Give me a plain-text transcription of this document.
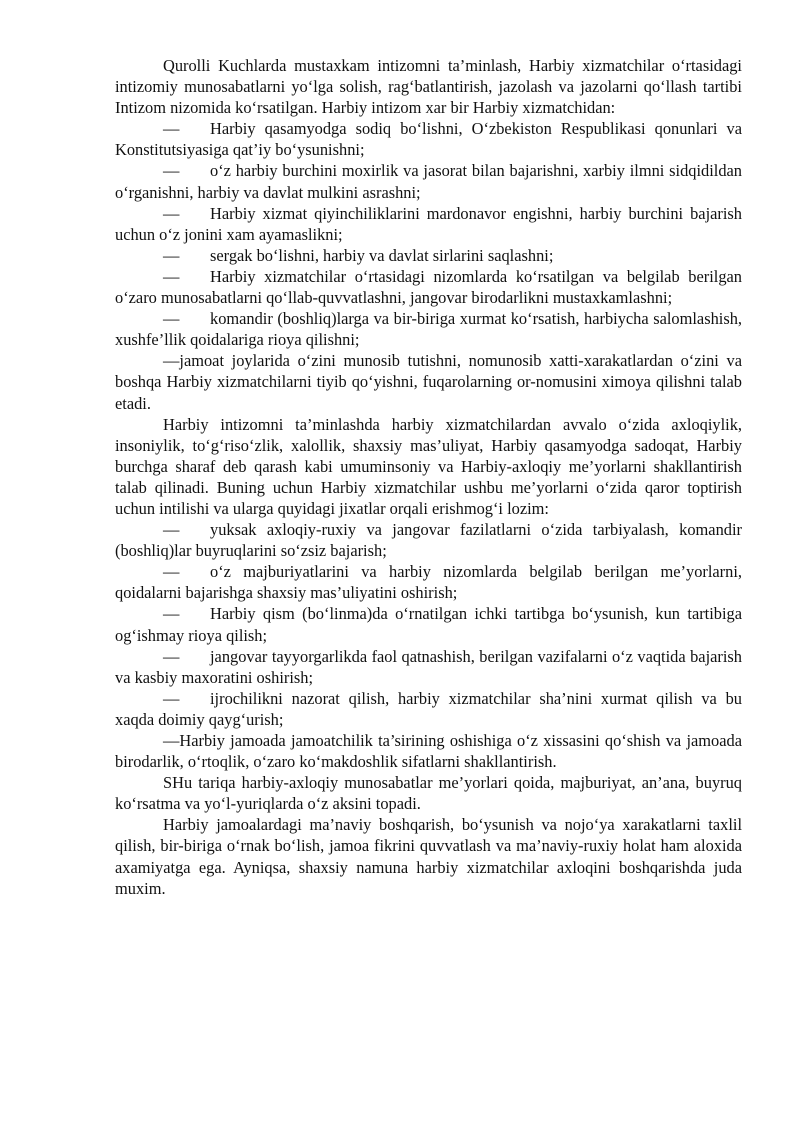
Qurolli Kuchlarda mustaxkam intizomni ta’minlash, Harbiy xizmatchilar o‘rtasidagi intizomiy munosabatlarni yo‘lga solish, rag‘batlantirish, jazolash va jazolarni qo‘llash tartibi Intizom nizomida ko‘rsatilgan. Harbiy intizom xar bir Harbiy xizmatchidan:

— Harbiy qasamyodga sodiq bo‘lishni, O‘zbekiston Respublikasi qonunlari va Konstitutsiyasiga qat’iy bo‘ysunishni;

— o‘z harbiy burchini moxirlik va jasorat bilan bajarishni, xarbiy ilmni sidqidildan o‘rganishni, harbiy va davlat mulkini asrashni;

— Harbiy xizmat qiyinchiliklarini mardonavor engishni, harbiy burchini bajarish uchun o‘z jonini xam ayamaslikni;

— sergak bo‘lishni, harbiy va davlat sirlarini saqlashni;

— Harbiy xizmatchilar o‘rtasidagi nizomlarda ko‘rsatilgan va belgilab berilgan o‘zaro munosabatlarni qo‘llab-quvvatlashni, jangovar birodarlikni mustaxkamlashni;

— komandir (boshliq)larga va bir-biriga xurmat ko‘rsatish, harbiycha salomlashish, xushfe’llik qoidalariga rioya qilishni;

—jamoat joylarida o‘zini munosib tutishni, nomunosib xatti-xarakatlardan o‘zini va boshqa Harbiy xizmatchilarni tiyib qo‘yishni, fuqarolarning or-nomusini ximoya qilishni talab etadi.

Harbiy intizomni ta’minlashda harbiy xizmatchilardan avvalo o‘zida axloqiylik, insoniylik, to‘g‘riso‘zlik, xalollik, shaxsiy mas’uliyat, Harbiy qasamyodga sadoqat, Harbiy burchga sharaf deb qarash kabi umuminsoniy va Harbiy-axloqiy me’yorlarni shakllantirish talab qilinadi. Buning uchun Harbiy xizmatchilar ushbu me’yorlarni o‘zida qaror toptirish uchun intilishi va ularga quyidagi jixatlar orqali erishmog‘i lozim:

— yuksak axloqiy-ruxiy va jangovar fazilatlarni o‘zida tarbiyalash, komandir (boshliq)lar buyruqlarini so‘zsiz bajarish;

— o‘z majburiyatlarini va harbiy nizomlarda belgilab berilgan me’yorlarni, qoidalarni bajarishga shaxsiy mas’uliyatini oshirish;

— Harbiy qism (bo‘linma)da o‘rnatilgan ichki tartibga bo‘ysunish, kun tartibiga og‘ishmay rioya qilish;

— jangovar tayyorgarlikda faol qatnashish, berilgan vazifalarni o‘z vaqtida bajarish va kasbiy maxoratini oshirish;

— ijrochilikni nazorat qilish, harbiy xizmatchilar sha’nini xurmat qilish va bu xaqda doimiy qayg‘urish;

—Harbiy jamoada jamoatchilik ta’sirining oshishiga o‘z xissasini qo‘shish va jamoada birodarlik, o‘rtoqlik, o‘zaro ko‘makdoshlik sifatlarni shakllantirish.

SHu tariqa harbiy-axloqiy munosabatlar me’yorlari qoida, majburiyat, an’ana, buyruq ko‘rsatma va yo‘l-yuriqlarda o‘z aksini topadi.

Harbiy jamoalardagi ma’naviy boshqarish, bo‘ysunish va nojo‘ya xarakatlarni taxlil qilish, bir-biriga o‘rnak bo‘lish, jamoa fikrini quvvatlash va ma’naviy-ruxiy holat ham aloxida axamiyatga ega. Ayniqsa, shaxsiy namuna harbiy xizmatchilar axloqini boshqarishda juda muxim.
